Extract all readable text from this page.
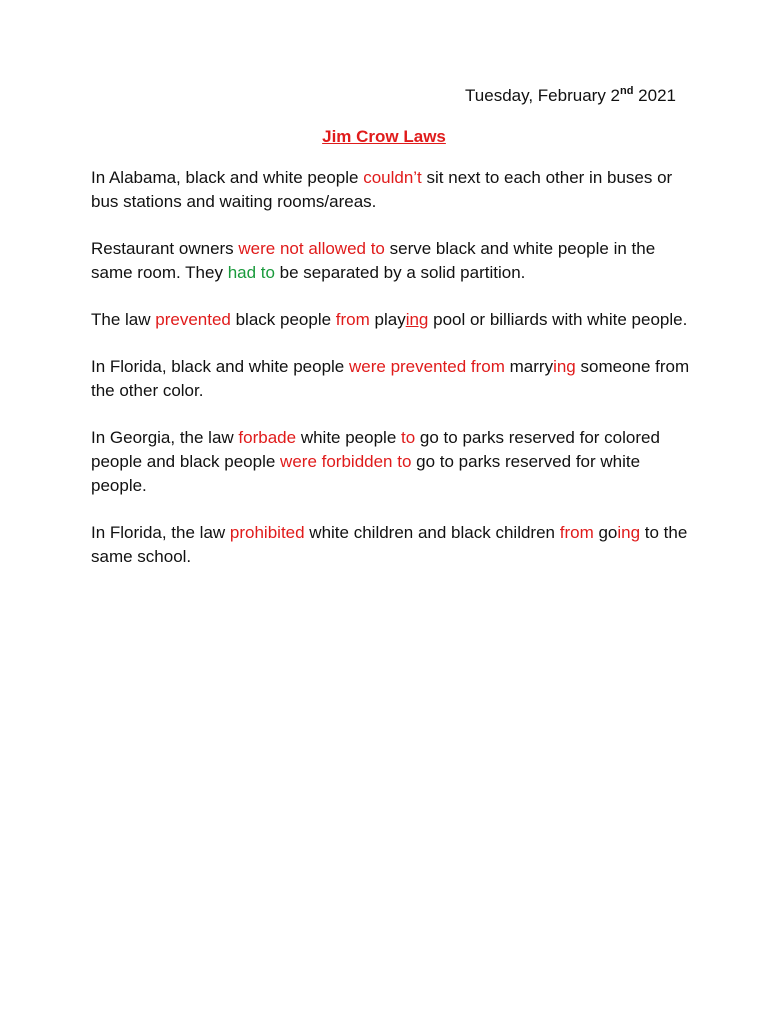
Tuesday, February 2nd 2021
Jim Crow Laws

In Alabama, black and white people couldn’t sit next to each other in buses or bus stations and waiting rooms/areas.

Restaurant owners were not allowed to serve black and white people in the same room. They had to be separated by a solid partition.

The law prevented black people from playing pool or billiards with white people.

In Florida, black and white people were prevented from marrying someone from the other color.

In Georgia, the law forbade white people to go to parks reserved for colored people and black people were forbidden to go to parks reserved for white people.

In Florida, the law prohibited white children and black children from going to the same school.
